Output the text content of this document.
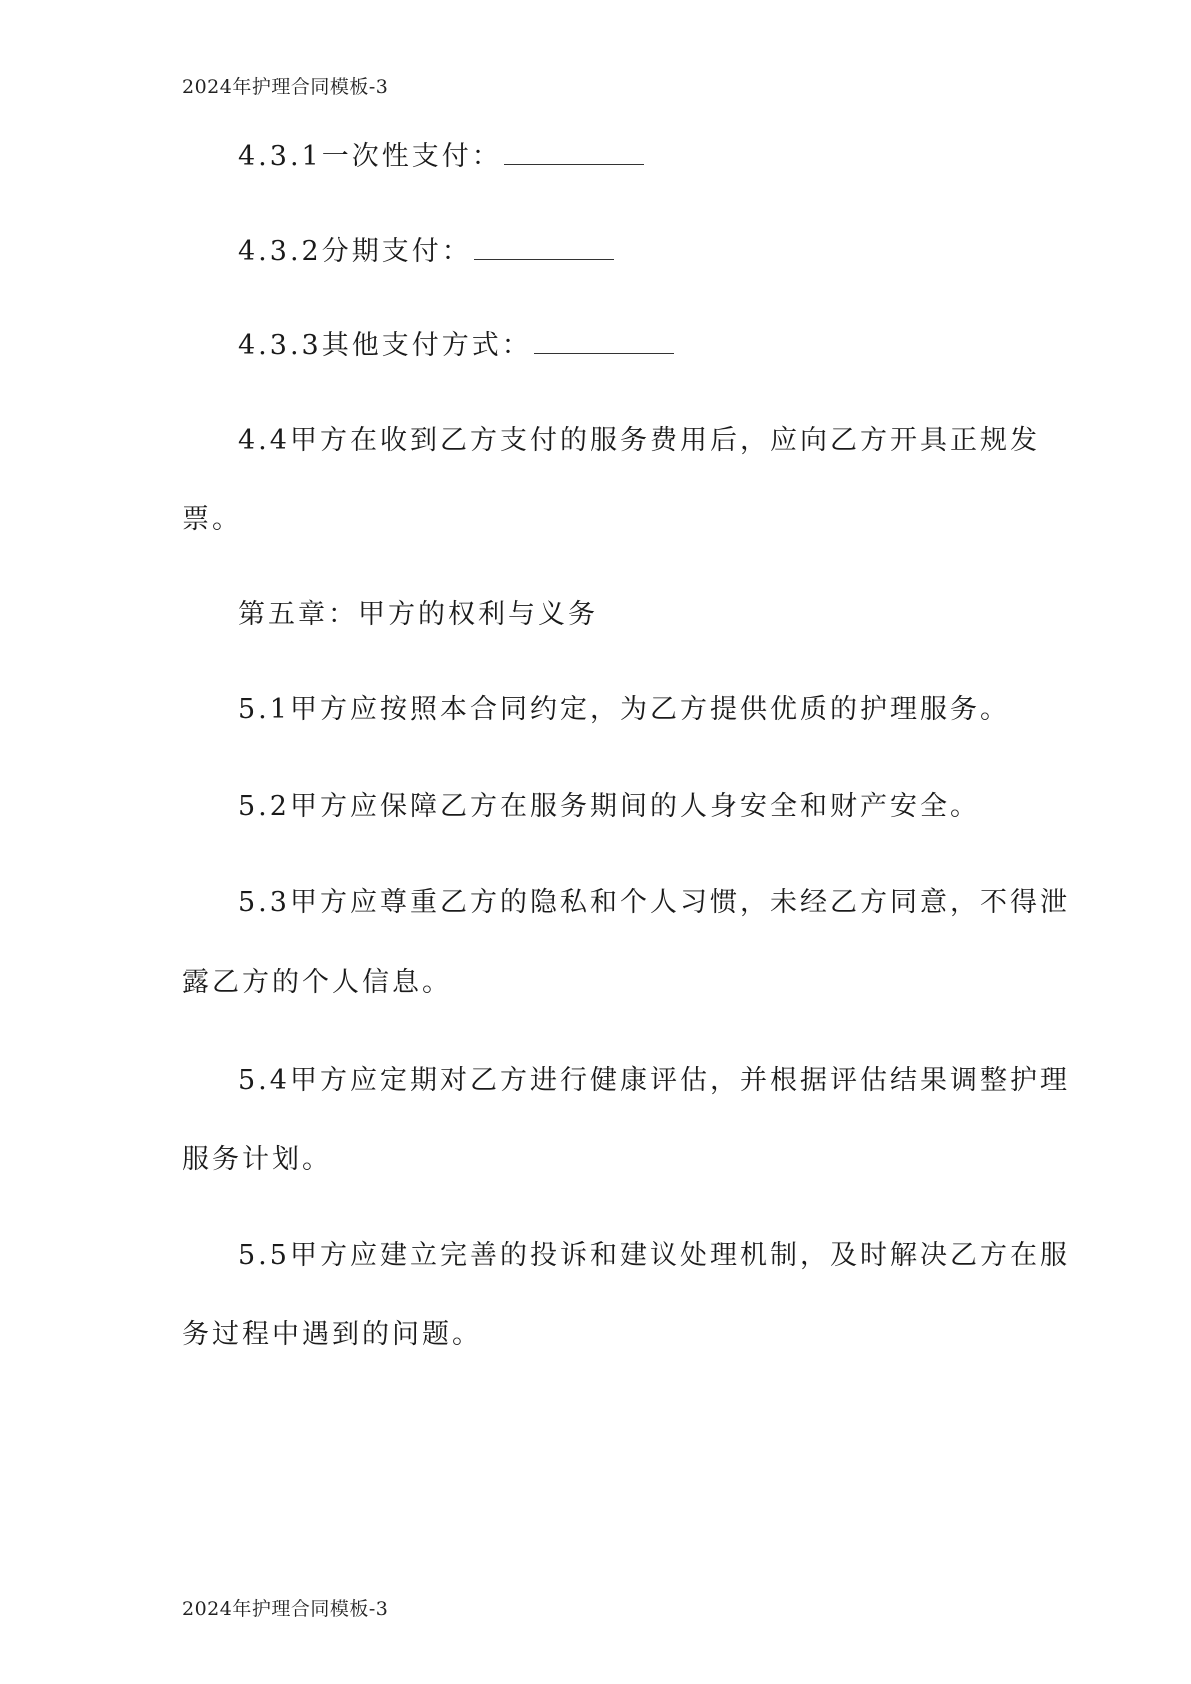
2024年护理合同模板-3
4.3.1一次性支付：
4.3.2分期支付：
4.3.3其他支付方式：
4.4甲方在收到乙方支付的服务费用后，应向乙方开具正规发
票。
第五章：甲方的权利与义务
5.1甲方应按照本合同约定，为乙方提供优质的护理服务。
5.2甲方应保障乙方在服务期间的人身安全和财产安全。
5.3甲方应尊重乙方的隐私和个人习惯，未经乙方同意，不得泄
露乙方的个人信息。
5.4甲方应定期对乙方进行健康评估，并根据评估结果调整护理
服务计划。
5.5甲方应建立完善的投诉和建议处理机制，及时解决乙方在服
务过程中遇到的问题。
2024年护理合同模板-3
